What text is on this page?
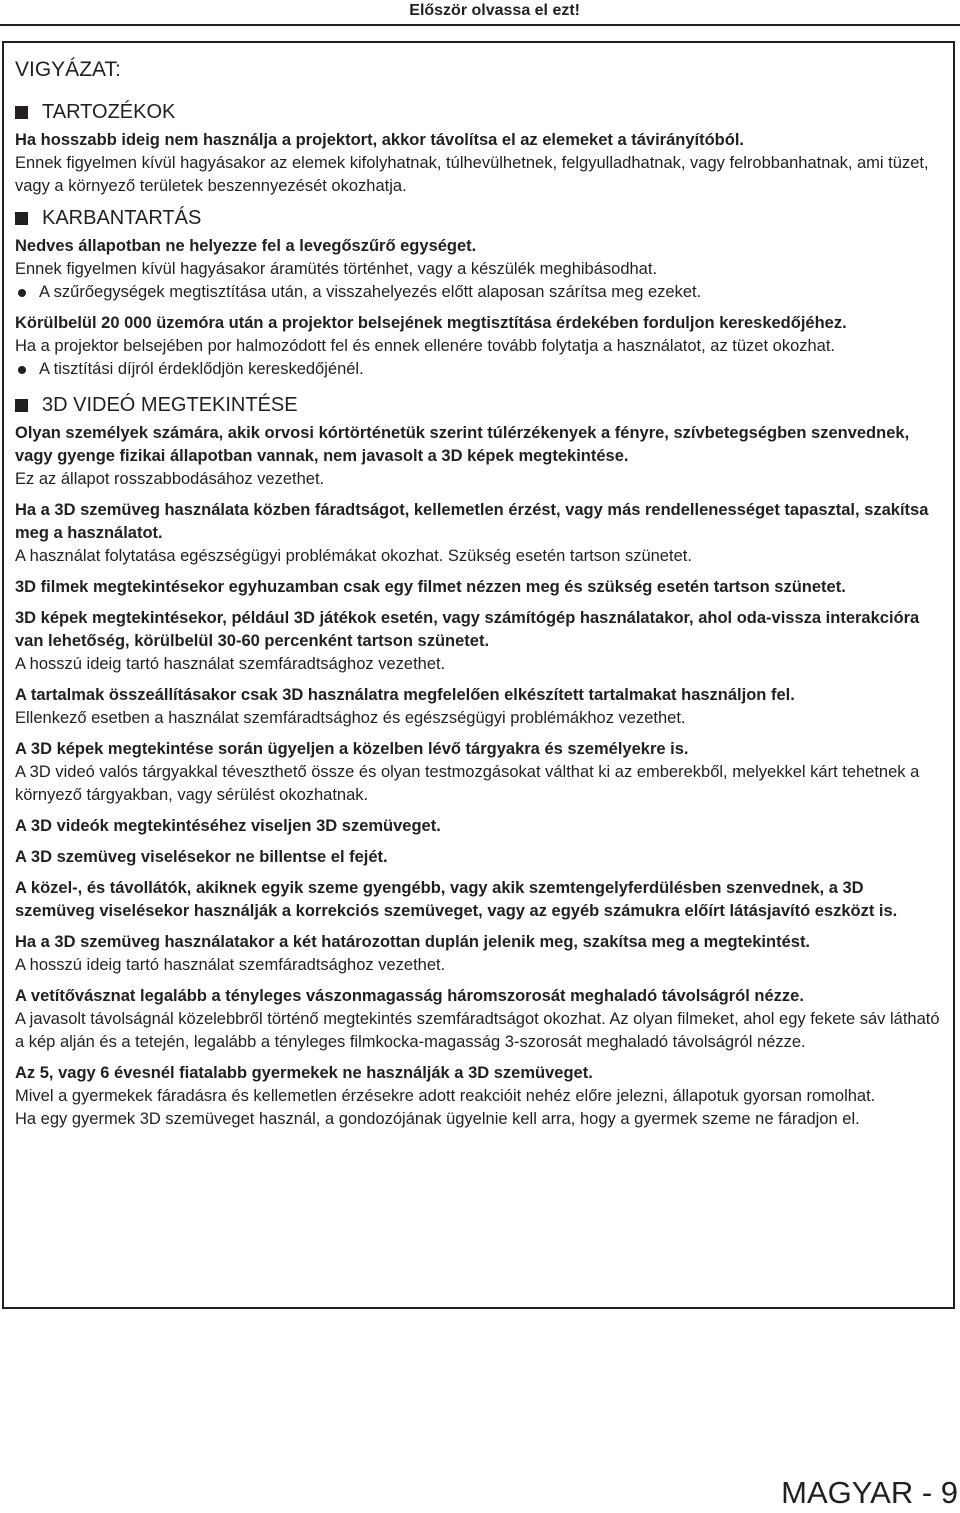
Először olvassa el ezt!
VIGYÁZAT:
TARTOZÉKOK

Ha hosszabb ideig nem használja a projektort, akkor távolítsa el az elemeket a távirányítóból.

Ennek figyelmen kívül hagyásakor az elemek kifolyhatnak, túlhevülhetnek, felgyulladhatnak, vagy felrobbanhatnak, ami tüzet, vagy a környező területek beszennyezését okozhatja.

KARBANTARTÁS

Nedves állapotban ne helyezze fel a levegőszűrő egységet.

Ennek figyelmen kívül hagyásakor áramütés történhet, vagy a készülék meghibásodhat.

A szűrőegységek megtisztítása után, a visszahelyezés előtt alaposan szárítsa meg ezeket.

Körülbelül 20 000 üzemóra után a projektor belsejének megtisztítása érdekében forduljon kereskedőjéhez.

Ha a projektor belsejében por halmozódott fel és ennek ellenére tovább folytatja a használatot, az tüzet okozhat.

A tisztítási díjról érdeklődjön kereskedőjénél.
3D VIDEÓ MEGTEKINTÉSE

Olyan személyek számára, akik orvosi kórtörténetük szerint túlérzékenyek a fényre, szívbetegségben szenvednek, vagy gyenge fizikai állapotban vannak, nem javasolt a 3D képek megtekintése.

Ez az állapot rosszabbodásához vezethet.

Ha a 3D szemüveg használata közben fáradtságot, kellemetlen érzést, vagy más rendellenességet tapasztal, szakítsa meg a használatot.

A használat folytatása egészségügyi problémákat okozhat. Szükség esetén tartson szünetet.

3D filmek megtekintésekor egyhuzamban csak egy filmet nézzen meg és szükség esetén tartson szünetet.

3D képek megtekintésekor, például 3D játékok esetén, vagy számítógép használatakor, ahol oda-vissza interakcióra van lehetőség, körülbelül 30-60 percenként tartson szünetet.

A hosszú ideig tartó használat szemfáradtsághoz vezethet.

A tartalmak összeállításakor csak 3D használatra megfelelően elkészített tartalmakat használjon fel.

Ellenkező esetben a használat szemfáradtsághoz és egészségügyi problémákhoz vezethet.

A 3D képek megtekintése során ügyeljen a közelben lévő tárgyakra és személyekre is.

A 3D videó valós tárgyakkal téveszthető össze és olyan testmozgásokat válthat ki az emberekből, melyekkel kárt tehetnek a környező tárgyakban, vagy sérülést okozhatnak.

A 3D videók megtekintéséhez viseljen 3D szemüveget.

A 3D szemüveg viselésekor ne billentse el fejét.

A közel-, és távollátók, akiknek egyik szeme gyengébb, vagy akik szemtengelyferdülésben szenvednek, a 3D szemüveg viselésekor használják a korrekciós szemüveget, vagy az egyéb számukra előírt látásjavító eszközt is.

Ha a 3D szemüveg használatakor a két határozottan duplán jelenik meg, szakítsa meg a megtekintést.

A hosszú ideig tartó használat szemfáradtsághoz vezethet.

A vetítővásznat legalább a tényleges vászonmagasság háromszorosát meghaladó távolságról nézze.

A javasolt távolságnál közelebbről történő megtekintés szemfáradtságot okozhat. Az olyan filmeket, ahol egy fekete sáv látható a kép alján és a tetején, legalább a tényleges filmkocka-magasság 3-szorosát meghaladó távolságról nézze.

Az 5, vagy 6 évesnél fiatalabb gyermekek ne használják a 3D szemüveget.

Mivel a gyermekek fáradásra és kellemetlen érzésekre adott reakcióit nehéz előre jelezni, állapotuk gyorsan romolhat.

Ha egy gyermek 3D szemüveget használ, a gondozójának ügyelnie kell arra, hogy a gyermek szeme ne fáradjon el.

MAGYAR - 9
